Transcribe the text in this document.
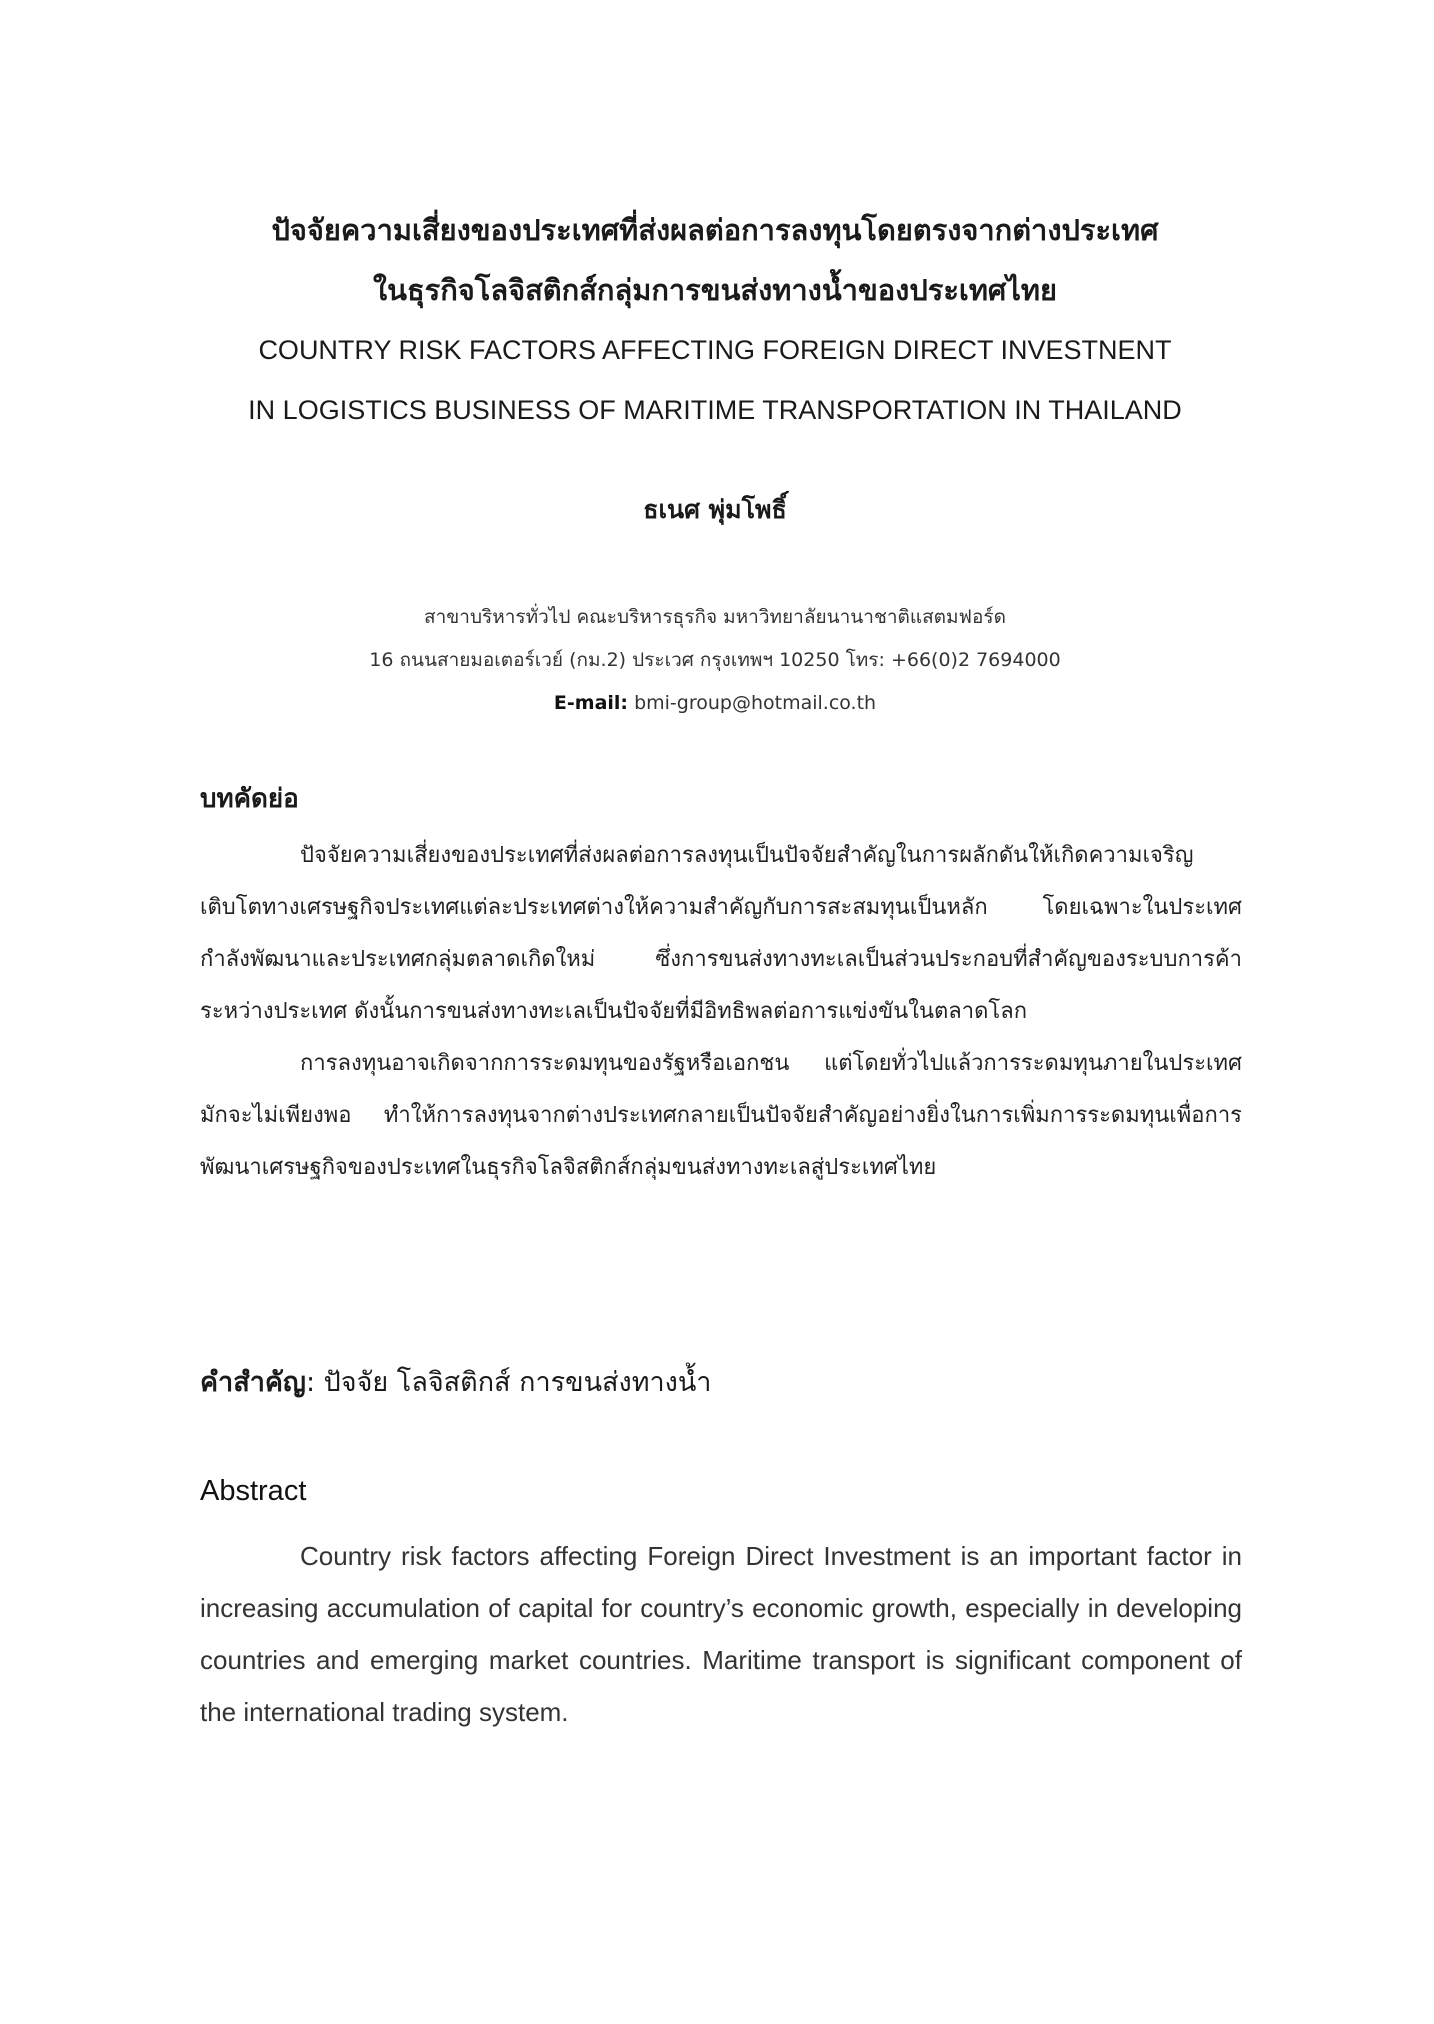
ปัจจัยความเสี่ยงของประเทศที่ส่งผลต่อการลงทุนโดยตรงจากต่างประเทศ

ในธุรกิจโลจิสติกส์กลุ่มการขนส่งทางน้ำของประเทศไทย

COUNTRY RISK FACTORS AFFECTING FOREIGN DIRECT INVESTNENT

IN LOGISTICS BUSINESS OF MARITIME TRANSPORTATION IN THAILAND

ธเนศ พุ่มโพธิ์

สาขาบริหารทั่วไป คณะบริหารธุรกิจ มหาวิทยาลัยนานาชาติแสตมฟอร์ด

16 ถนนสายมอเตอร์เวย์ (กม.2) ประเวศ กรุงเทพฯ 10250 โทร: +66(0)2 7694000

E-mail: bmi-group@hotmail.co.th

บทคัดย่อ

ปัจจัยความเสี่ยงของประเทศที่ส่งผลต่อการลงทุนเป็นปัจจัยสำคัญในการผลักดันให้เกิดความเจริญเติบโตทางเศรษฐกิจประเทศแต่ละประเทศต่างให้ความสำคัญกับการสะสมทุนเป็นหลัก โดยเฉพาะในประเทศกำลังพัฒนาและประเทศกลุ่มตลาดเกิดใหม่ ซึ่งการขนส่งทางทะเลเป็นส่วนประกอบที่สำคัญของระบบการค้าระหว่างประเทศ ดังนั้นการขนส่งทางทะเลเป็นปัจจัยที่มีอิทธิพลต่อการแข่งขันในตลาดโลก

การลงทุนอาจเกิดจากการระดมทุนของรัฐหรือเอกชน แต่โดยทั่วไปแล้วการระดมทุนภายในประเทศมักจะไม่เพียงพอ ทำให้การลงทุนจากต่างประเทศกลายเป็นปัจจัยสำคัญอย่างยิ่งในการเพิ่มการระดมทุนเพื่อการพัฒนาเศรษฐกิจของประเทศในธุรกิจโลจิสติกส์กลุ่มขนส่งทางทะเลสู่ประเทศไทย

คำสำคัญ: ปัจจัย โลจิสติกส์ การขนส่งทางน้ำ

Abstract

Country risk factors affecting Foreign Direct Investment is an important factor in increasing accumulation of capital for country’s economic growth, especially in developing countries and emerging market countries. Maritime transport is significant component of the international trading system.
